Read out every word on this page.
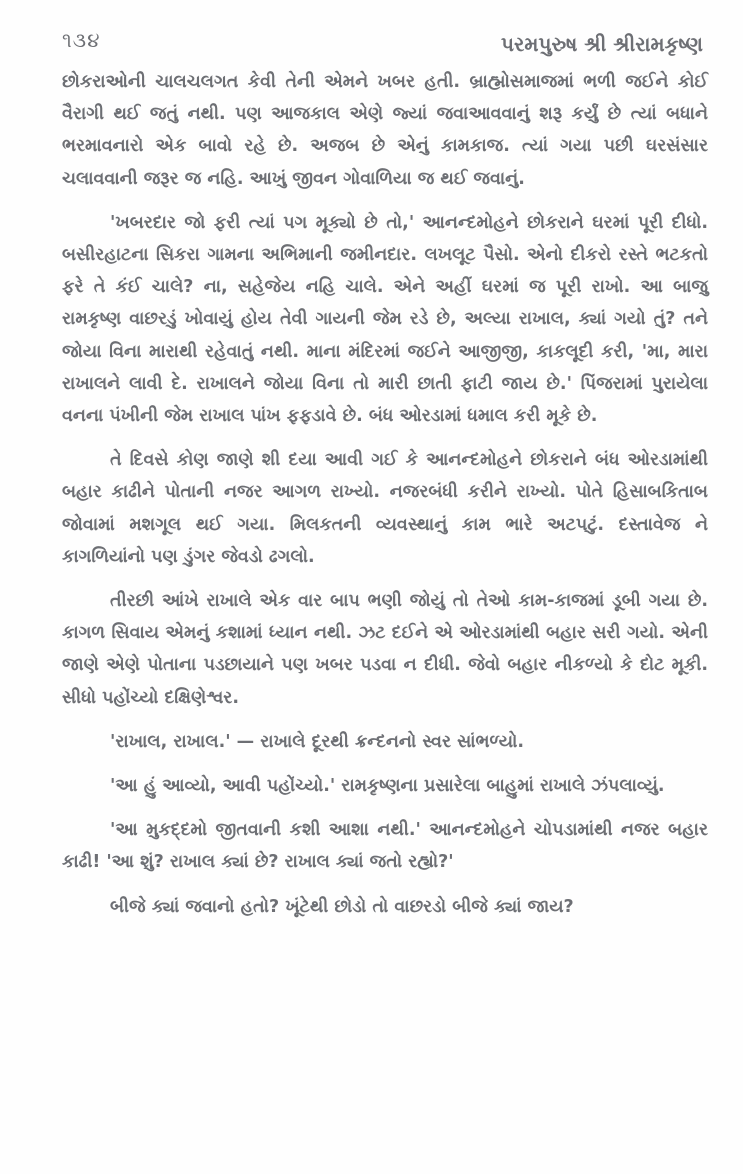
૧૩૪	પરમપુરુષ શ્રી શ્રીરામકૃષ્ણ

છોકરાઓની ચાલચલગત કેવી તેની એમને ખબર હતી. બ્રાહ્મોસમાજમાં ભળી જઈને કોઈ વૈરાગી થઈ જતું નથી. પણ આજકાલ એણે જ્યાં જવાઆવવાનું શરૂ કર્યું છે ત્યાં બધાને ભરમાવનારો એક બાવો રહે છે. અજબ છે એનું કામકાજ. ત્યાં ગયા પછી ઘરસંસાર ચલાવવાની જરૂર જ નહિ. આખું જીવન ગોવાળિયા જ થઈ જવાનું.

'ખબરદાર જો ફરી ત્યાં પગ મૂક્યો છે તો,' આનન્દમોહને છોકરાને ઘરમાં પૂરી દીધો. બસીરહાટના સિકરા ગામના અભિમાની જમીનદાર. લખલૂટ પૈસો. એનો દીકરો રસ્તે ભટકતો ફરે તે કંઈ ચાલે? ના, સહેજેય નહિ ચાલે. એને અહીં ઘરમાં જ પૂરી રાખો. આ બાજુ રામકૃષ્ણ વાછરડું ખોવાયું હોય તેવી ગાયની જેમ રડે છે, અલ્યા રાખાલ, ક્યાં ગયો તું? તને જોયા વિના મારાથી રહેવાતું નથી. માના મંદિરમાં જઈને આજીજી, કાકલૂદી કરી, 'મા, મારા રાખાલને લાવી દે. રાખાલને જોયા વિના તો મારી છાતી ફાટી જાય છે.' પિંજરામાં પુરાયેલા વનના પંખીની જેમ રાખાલ પાંખ ફફડાવે છે. બંધ ઓરડામાં ધમાલ કરી મૂકે છે.

તે દિવસે કોણ જાણે શી દયા આવી ગઈ કે આનન્દમોહને છોકરાને બંધ ઓરડામાંથી બહાર કાઢીને પોતાની નજર આગળ રાખ્યો. નજરબંધી કરીને રાખ્યો. પોતે હિસાબકિતાબ જોવામાં મશગૂલ થઈ ગયા. મિલકતની વ્યવસ્થાનું કામ ભારે અટપટું. દસ્તાવેજ ને કાગળિયાંનો પણ ડુંગર જેવડો ઢગલો.

તીરછી આંખે રાખાલે એક વાર બાપ ભણી જોયું તો તેઓ કામ-કાજમાં ડૂબી ગયા છે. કાગળ સિવાય એમનું કશામાં ધ્યાન નથી. ઝટ દઈને એ ઓરડામાંથી બહાર સરી ગયો. એની જાણે એણે પોતાના પડછાયાને પણ ખબર પડવા ન દીધી. જેવો બહાર નીકળ્યો કે દોટ મૂકી. સીધો પહોંચ્યો દક્ષિણેશ્વર.

'રાખાલ, રાખાલ.' — રાખાલે દૂરથી ક્રન્દનનો સ્વર સાંભળ્યો.

'આ હું આવ્યો, આવી પહોંચ્યો.' રામકૃષ્ણના પ્રસારેલા બાહુમાં રાખાલે ઝંપલાવ્યું.

'આ મુકદ્દમો જીતવાની કશી આશા નથી.' આનન્દમોહને ચોપડામાંથી નજર બહાર કાઢી! 'આ શું? રાખાલ ક્યાં છે? રાખાલ ક્યાં જતો રહ્યો?'

બીજે ક્યાં જવાનો હતો? ખૂંટેથી છોડો તો વાછરડો બીજે ક્યાં જાય?
